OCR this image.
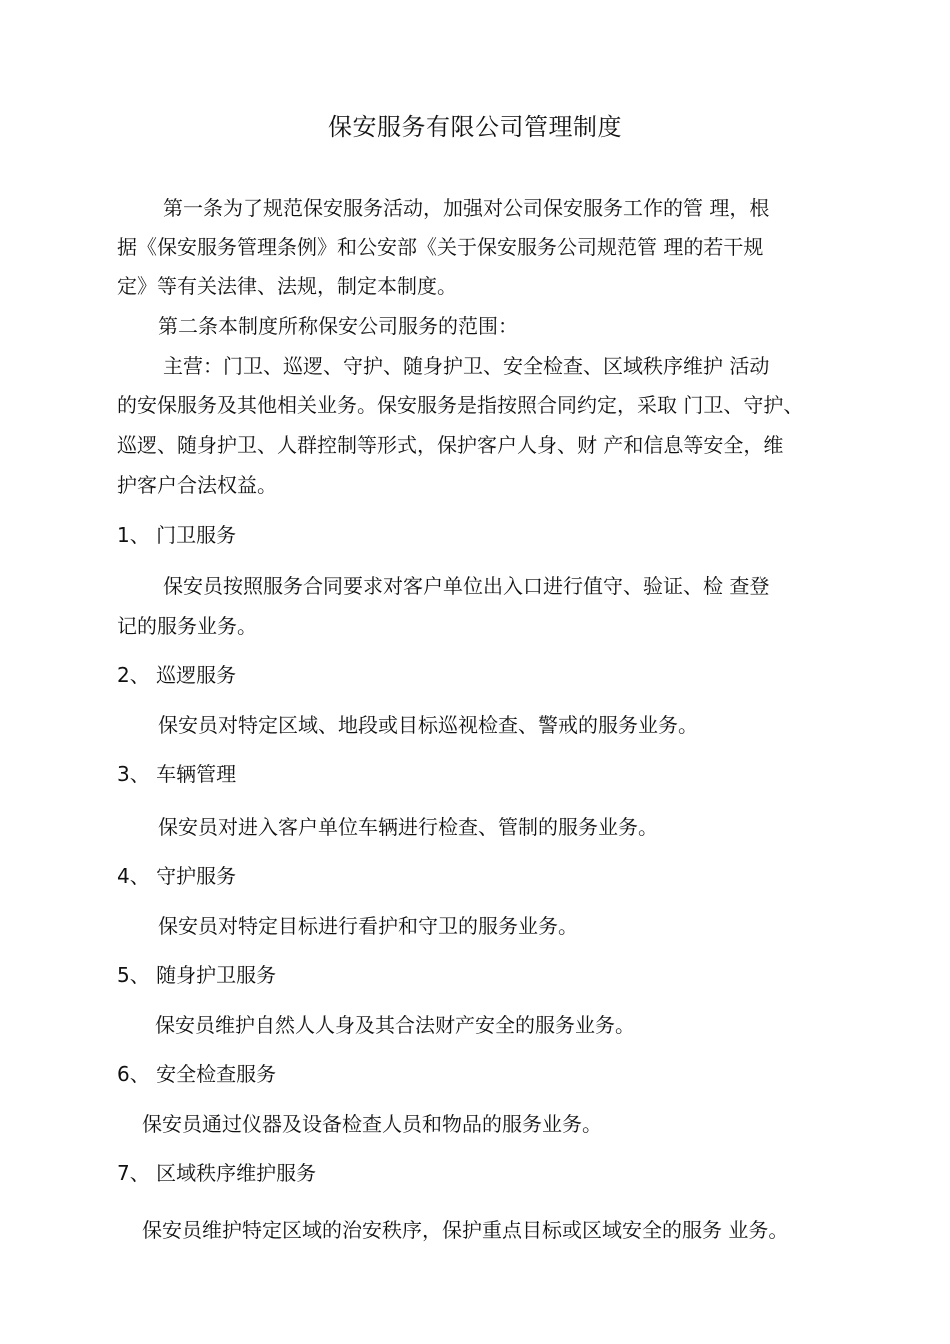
保安服务有限公司管理制度
第一条为了规范保安服务活动，加强对公司保安服务工作的管 理，根
据《保安服务管理条例》和公安部《关于保安服务公司规范管 理的若干规
定》等有关法律、法规，制定本制度。
第二条本制度所称保安公司服务的范围：
主营：门卫、巡逻、守护、随身护卫、安全检查、区域秩序维护 活动
的安保服务及其他相关业务。保安服务是指按照合同约定，采取 门卫、守护、
巡逻、随身护卫、人群控制等形式，保护客户人身、财 产和信息等安全，维
护客户合法权益。
1、 门卫服务
保安员按照服务合同要求对客户单位出入口进行值守、验证、检 查登
记的服务业务。
2、 巡逻服务
保安员对特定区域、地段或目标巡视检查、警戒的服务业务。
3、 车辆管理
保安员对进入客户单位车辆进行检查、管制的服务业务。
4、 守护服务
保安员对特定目标进行看护和守卫的服务业务。
5、 随身护卫服务
保安员维护自然人人身及其合法财产安全的服务业务。
6、 安全检查服务
保安员通过仪器及设备检查人员和物品的服务业务。
7、 区域秩序维护服务
保安员维护特定区域的治安秩序，保护重点目标或区域安全的服务 业务。
